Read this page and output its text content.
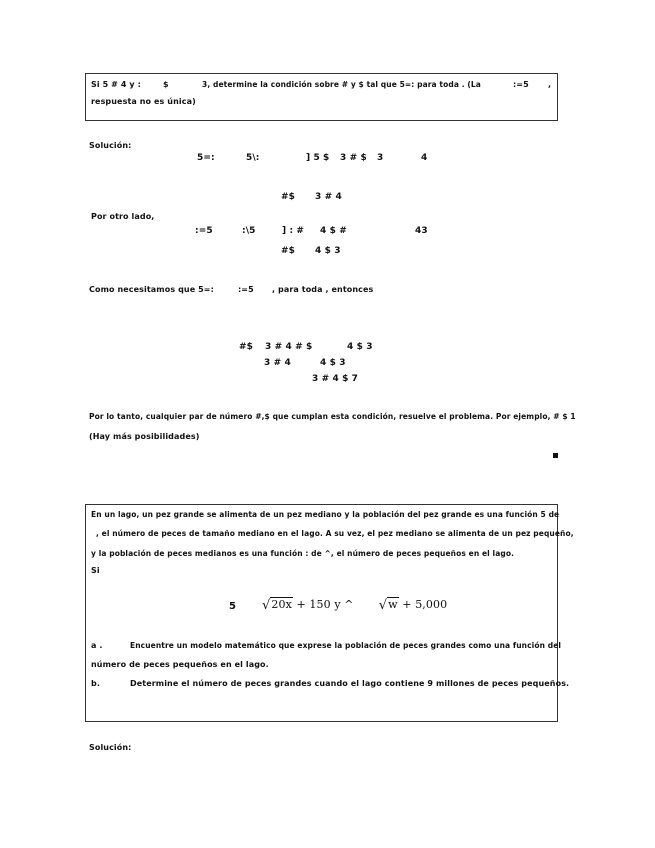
Si 5 # 4 y :	$	3, determine la condición sobre # y $ tal que 5=: para toda . (La	:=5 ,
respuesta no es única)
Solución:
5=:	5\:	] 5 $ 3 # $ 3	4
#$ 3 # 4
Por otro lado,
:=5	:\5	] : # 4 $ #	43
#$ 4 $ 3
Como necesitamos que 5=:	:=5 , para toda , entonces
#$ 3 # 4 # $	4 $ 3
3 # 4	4 $ 3
3 # 4 $ 7
Por lo tanto, cualquier par de número #,$ que cumplan esta condición, resuelve el problema. Por ejemplo, # $ 1
(Hay más posibilidades)
En un lago, un pez grande se alimenta de un pez mediano y la población del pez grande es una función 5 de
, el número de peces de tamaño mediano en el lago. A su vez, el pez mediano se alimenta de un pez pequeño,
y la población de peces medianos es una función : de ^, el número de peces pequeños en el lago.
Si
5 √20x + 150 y ^ √w + 5,000
a .	Encuentre un modelo matemático que exprese la población de peces grandes como una función del
número de peces pequeños en el lago.
b.	Determine el número de peces grandes cuando el lago contiene 9 millones de peces pequeños.
Solución:
